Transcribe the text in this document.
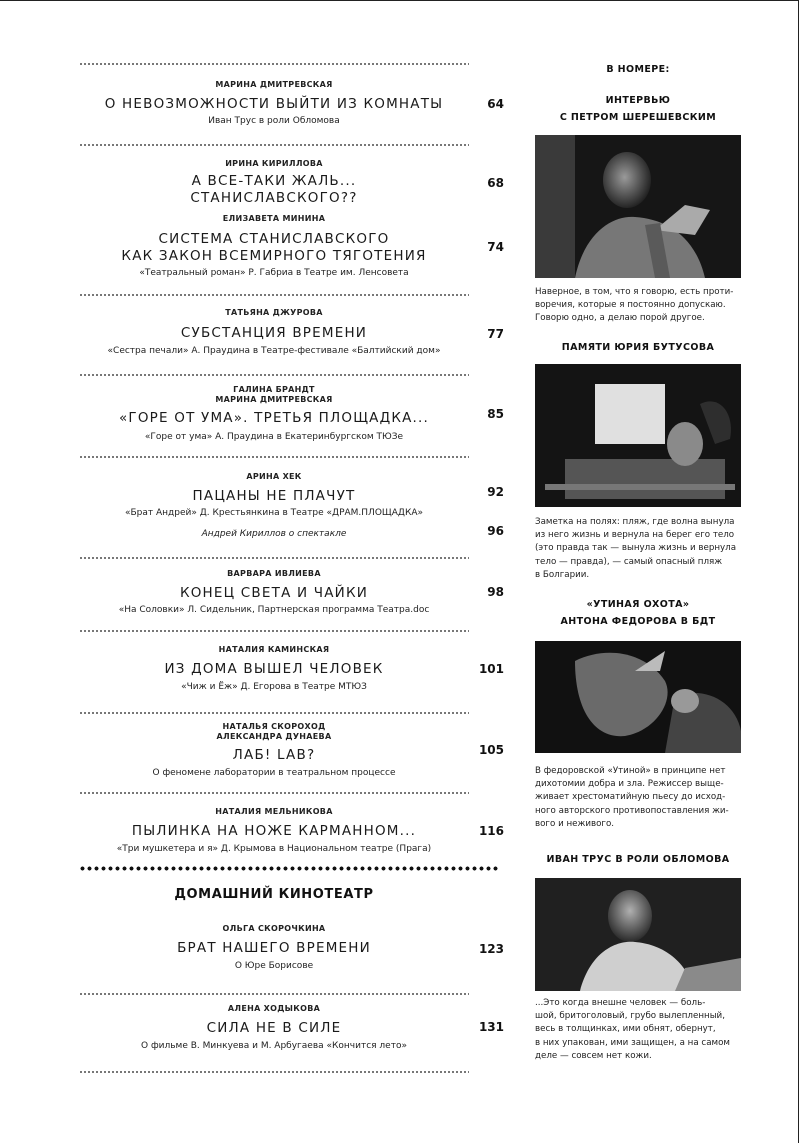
МАРИНА ДМИТРЕВСКАЯ
О НЕВОЗМОЖНОСТИ ВЫЙТИ ИЗ КОМНАТЫ
Иван Трус в роли Обломова
64
ИРИНА КИРИЛЛОВА
А ВСЕ-ТАКИ ЖАЛЬ...
СТАНИСЛАВСКОГО??
68
ЕЛИЗАВЕТА МИНИНА
СИСТЕМА СТАНИСЛАВСКОГО
КАК ЗАКОН ВСЕМИРНОГО ТЯГОТЕНИЯ
«Театральный роман» Р. Габриа в Театре им. Ленсовета
74
ТАТЬЯНА ДЖУРОВА
СУБСТАНЦИЯ ВРЕМЕНИ
«Сестра печали» А. Праудина в Театре-фестивале «Балтийский дом»
77
ГАЛИНА БРАНДТ
МАРИНА ДМИТРЕВСКАЯ
«ГОРЕ ОТ УМА». ТРЕТЬЯ ПЛОЩАДКА...
«Горе от ума» А. Праудина в Екатеринбургском ТЮЗе
85
АРИНА ХЕК
ПАЦАНЫ НЕ ПЛАЧУТ
«Брат Андрей» Д. Крестьянкина в Театре «ДРАМ.ПЛОЩАДКА»
92
Андрей Кириллов о спектакле	96
ВАРВАРА ИВЛИЕВА
КОНЕЦ СВЕТА И ЧАЙКИ
«На Соловки» Л. Сидельник, Партнерская программа Театра.doc
98
НАТАЛИЯ КАМИНСКАЯ
ИЗ ДОМА ВЫШЕЛ ЧЕЛОВЕК
«Чиж и Ёж» Д. Егорова в Театре МТЮЗ
101
НАТАЛЬЯ СКОРОХОД
АЛЕКСАНДРА ДУНАЕВА
ЛАБ! LAB?
О феномене лаборатории в театральном процессе
105
НАТАЛИЯ МЕЛЬНИКОВА
ПЫЛИНКА НА НОЖЕ КАРМАННОМ...
«Три мушкетера и я» Д. Крымова в Национальном театре (Прага)
116
ДОМАШНИЙ КИНОТЕАТР
ОЛЬГА СКОРОЧКИНА
БРАТ НАШЕГО ВРЕМЕНИ
О Юре Борисове
123
АЛЕНА ХОДЫКОВА
СИЛА НЕ В СИЛЕ
О фильме В. Минкуева и М. Арбугаева «Кончится лето»
131
В НОМЕРЕ:
ИНТЕРВЬЮ
С ПЕТРОМ ШЕРЕШЕВСКИМ
Наверное, в том, что я говорю, есть проти-
воречия, которые я постоянно допускаю.
Говорю одно, а делаю порой другое.
ПАМЯТИ ЮРИЯ БУТУСОВА
Заметка на полях: пляж, где волна вынула
из него жизнь и вернула на берег его тело
(это правда так — вынула жизнь и вернула
тело — правда), — самый опасный пляж
в Болгарии.
«УТИНАЯ ОХОТА»
АНТОНА ФЕДОРОВА В БДТ
В федоровской «Утиной» в принципе нет
дихотомии добра и зла. Режиссер выще-
живает хрестоматийную пьесу до исход-
ного авторского противопоставления жи-
вого и неживого.
ИВАН ТРУС В РОЛИ ОБЛОМОВА
...Это когда внешне человек — боль-
шой, бритоголовый, грубо вылепленный,
весь в толщинках, ими обнят, обернут,
в них упакован, ими защищен, а на самом
деле — совсем нет кожи.
